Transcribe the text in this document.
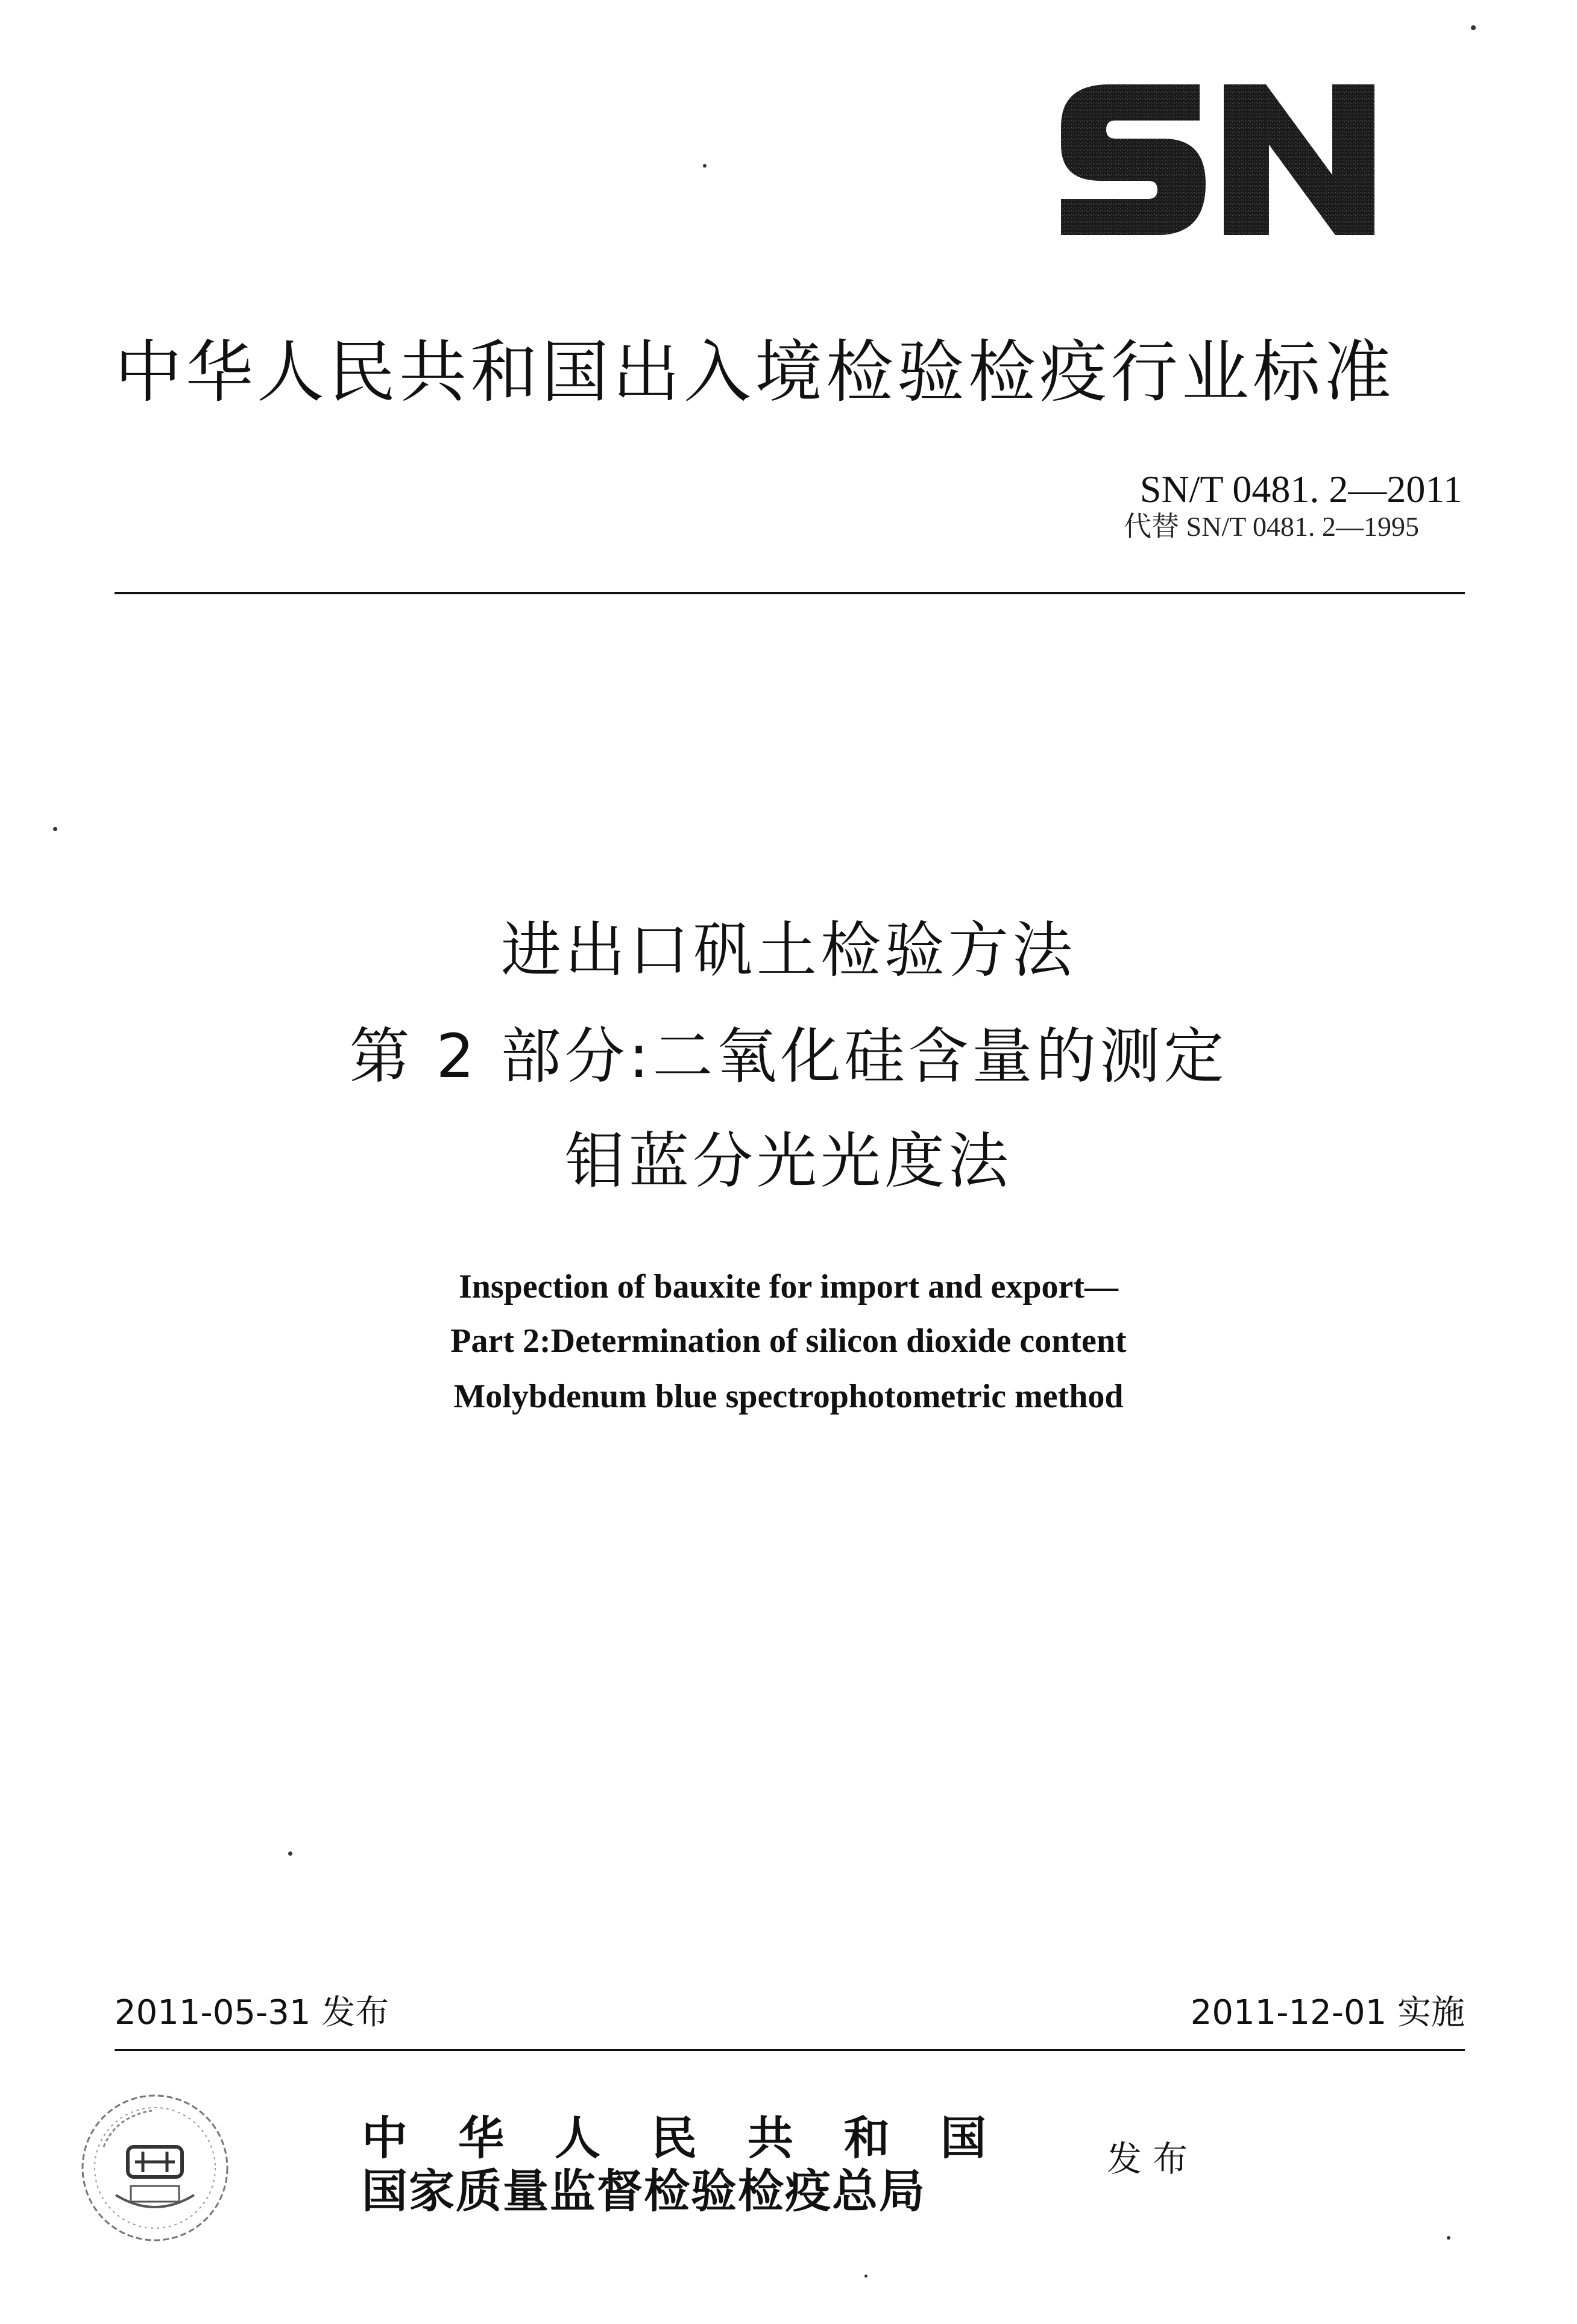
中华人民共和国出入境检验检疫行业标准
SN/T 0481. 2—2011
代替 SN/T 0481. 2—1995
进出口矾土检验方法
第 2 部分:二氧化硅含量的测定
钼蓝分光光度法
Inspection of bauxite for import and export—
Part 2:Determination of silicon dioxide content
Molybdenum blue spectrophotometric method
2011-05-31 发布	2011-12-01 实施
中华人民共和国
国家质量监督检验检疫总局
发布
